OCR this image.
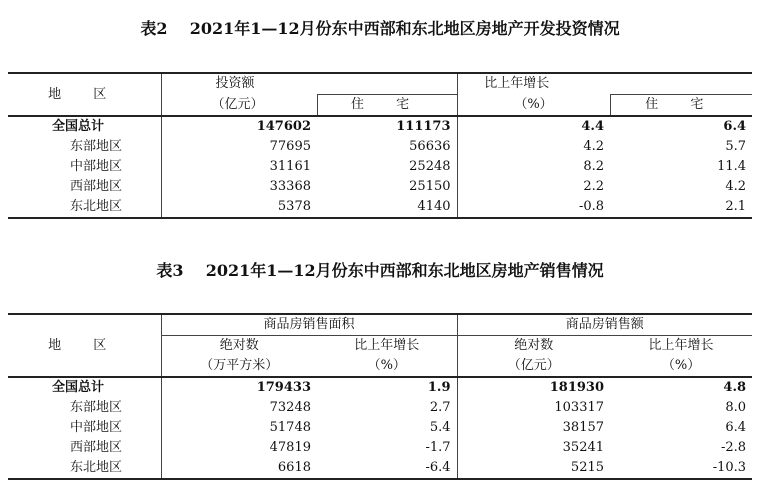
表2    2021年1—12月份东中西部和东北地区房地产开发投资情况
地 区	投资额		比上年增长	
	（亿元）	住 宅	（%）	住 宅
全国总计	147602	111173	4.4	6.4
东部地区	77695	56636	4.2	5.7
中部地区	31161	25248	8.2	11.4
西部地区	33368	25150	2.2	4.2
东北地区	5378	4140	-0.8	2.1
表3    2021年1—12月份东中西部和东北地区房地产销售情况
地 区	商品房销售面积		商品房销售额	
	绝对数	比上年增长	绝对数	比上年增长
	（万平方米）	（%）	（亿元）	（%）
全国总计	179433	1.9	181930	4.8
东部地区	73248	2.7	103317	8.0
中部地区	51748	5.4	38157	6.4
西部地区	47819	-1.7	35241	-2.8
东北地区	6618	-6.4	5215	-10.3
